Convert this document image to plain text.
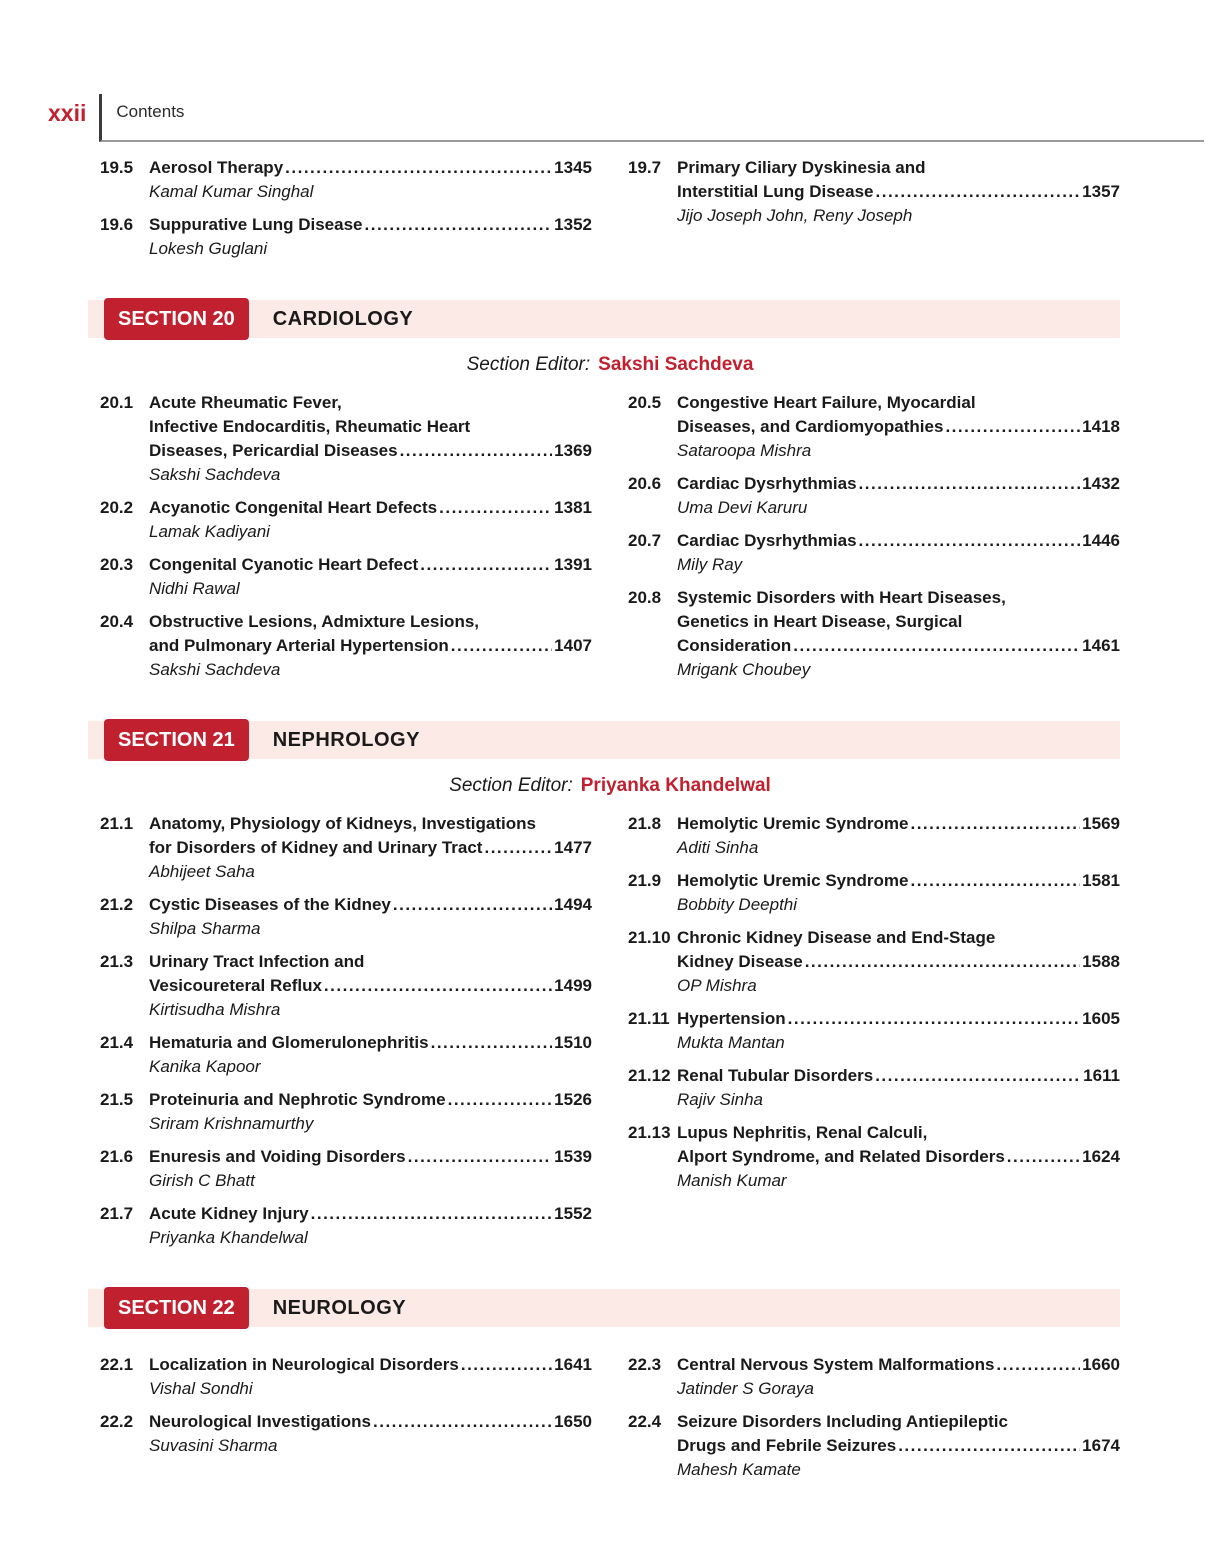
xxii	Contents
19.5 Aerosol Therapy .....	1345
Kamal Kumar Singhal
19.6 Suppurative Lung Disease .....	1352
Lokesh Guglani
19.7 Primary Ciliary Dyskinesia and
Interstitial Lung Disease .....	1357
Jijo Joseph John, Reny Joseph
SECTION 20	CARDIOLOGY
Section Editor: Sakshi Sachdeva
20.1 Acute Rheumatic Fever,
Infective Endocarditis, Rheumatic Heart
Diseases, Pericardial Diseases .....	1369
Sakshi Sachdeva
20.2 Acyanotic Congenital Heart Defects .....	1381
Lamak Kadiyani
20.3 Congenital Cyanotic Heart Defect .....	1391
Nidhi Rawal
20.4 Obstructive Lesions, Admixture Lesions,
and Pulmonary Arterial Hypertension .....	1407
Sakshi Sachdeva
20.5 Congestive Heart Failure, Myocardial
Diseases, and Cardiomyopathies .....	1418
Sataroopa Mishra
20.6 Cardiac Dysrhythmias .....	1432
Uma Devi Karuru
20.7 Cardiac Dysrhythmias .....	1446
Mily Ray
20.8 Systemic Disorders with Heart Diseases,
Genetics in Heart Disease, Surgical
Consideration .....	1461
Mrigank Choubey
SECTION 21	NEPHROLOGY
Section Editor: Priyanka Khandelwal
21.1 Anatomy, Physiology of Kidneys, Investigations
for Disorders of Kidney and Urinary Tract .....	1477
Abhijeet Saha
21.2 Cystic Diseases of the Kidney .....	1494
Shilpa Sharma
21.3 Urinary Tract Infection and
Vesicoureteral Reflux .....	1499
Kirtisudha Mishra
21.4 Hematuria and Glomerulonephritis .....	1510
Kanika Kapoor
21.5 Proteinuria and Nephrotic Syndrome .....	1526
Sriram Krishnamurthy
21.6 Enuresis and Voiding Disorders .....	1539
Girish C Bhatt
21.7 Acute Kidney Injury .....	1552
Priyanka Khandelwal
21.8 Hemolytic Uremic Syndrome .....	1569
Aditi Sinha
21.9 Hemolytic Uremic Syndrome .....	1581
Bobbity Deepthi
21.10 Chronic Kidney Disease and End-Stage
Kidney Disease .....	1588
OP Mishra
21.11 Hypertension .....	1605
Mukta Mantan
21.12 Renal Tubular Disorders .....	1611
Rajiv Sinha
21.13 Lupus Nephritis, Renal Calculi,
Alport Syndrome, and Related Disorders .....	1624
Manish Kumar
SECTION 22	NEUROLOGY
22.1 Localization in Neurological Disorders .....	1641
Vishal Sondhi
22.2 Neurological Investigations .....	1650
Suvasini Sharma
22.3 Central Nervous System Malformations .....	1660
Jatinder S Goraya
22.4 Seizure Disorders Including Antiepileptic
Drugs and Febrile Seizures .....	1674
Mahesh Kamate
